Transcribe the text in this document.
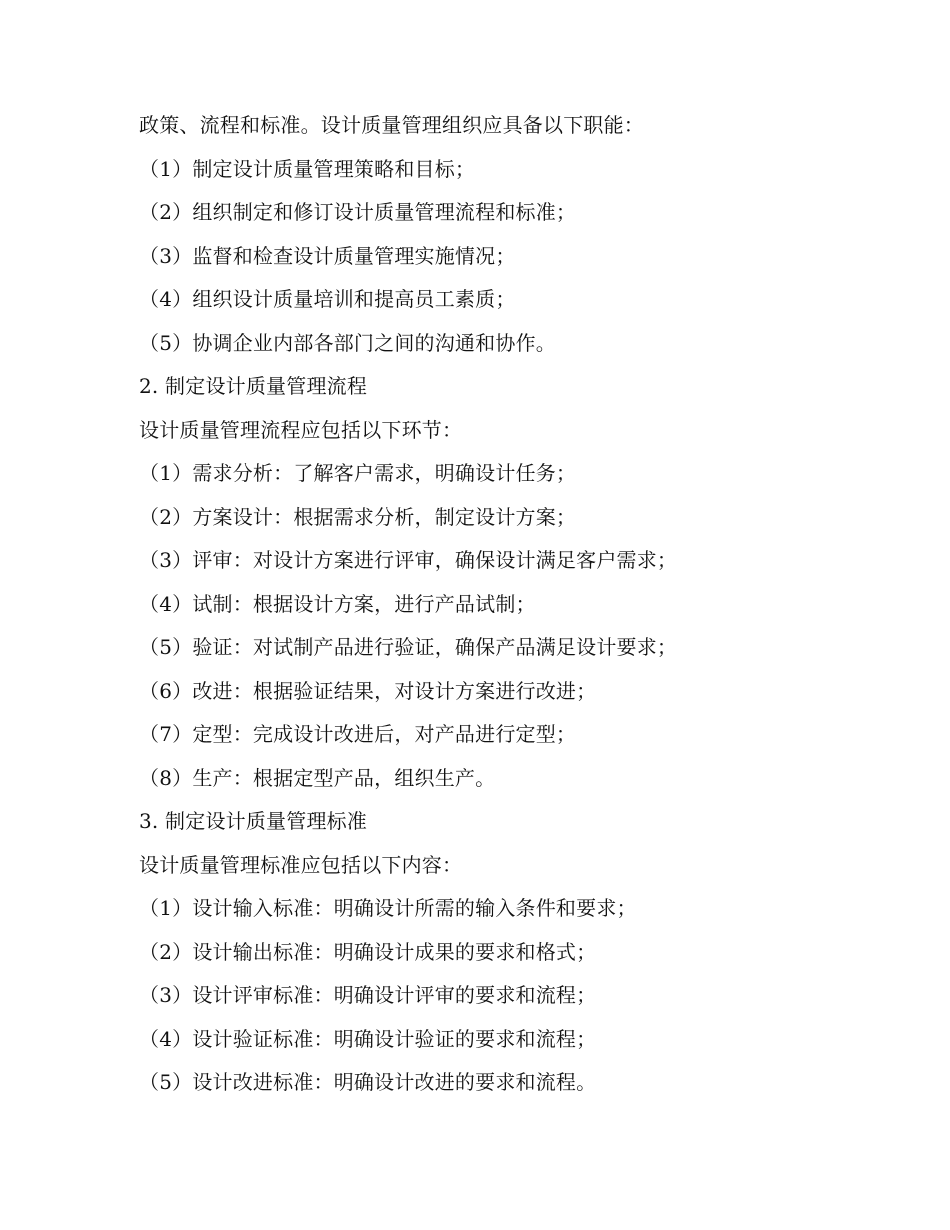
政策、流程和标准。设计质量管理组织应具备以下职能：
（1）制定设计质量管理策略和目标；
（2）组织制定和修订设计质量管理流程和标准；
（3）监督和检查设计质量管理实施情况；
（4）组织设计质量培训和提高员工素质；
（5）协调企业内部各部门之间的沟通和协作。
2. 制定设计质量管理流程
设计质量管理流程应包括以下环节：
（1）需求分析：了解客户需求，明确设计任务；
（2）方案设计：根据需求分析，制定设计方案；
（3）评审：对设计方案进行评审，确保设计满足客户需求；
（4）试制：根据设计方案，进行产品试制；
（5）验证：对试制产品进行验证，确保产品满足设计要求；
（6）改进：根据验证结果，对设计方案进行改进；
（7）定型：完成设计改进后，对产品进行定型；
（8）生产：根据定型产品，组织生产。
3. 制定设计质量管理标准
设计质量管理标准应包括以下内容：
（1）设计输入标准：明确设计所需的输入条件和要求；
（2）设计输出标准：明确设计成果的要求和格式；
（3）设计评审标准：明确设计评审的要求和流程；
（4）设计验证标准：明确设计验证的要求和流程；
（5）设计改进标准：明确设计改进的要求和流程。
